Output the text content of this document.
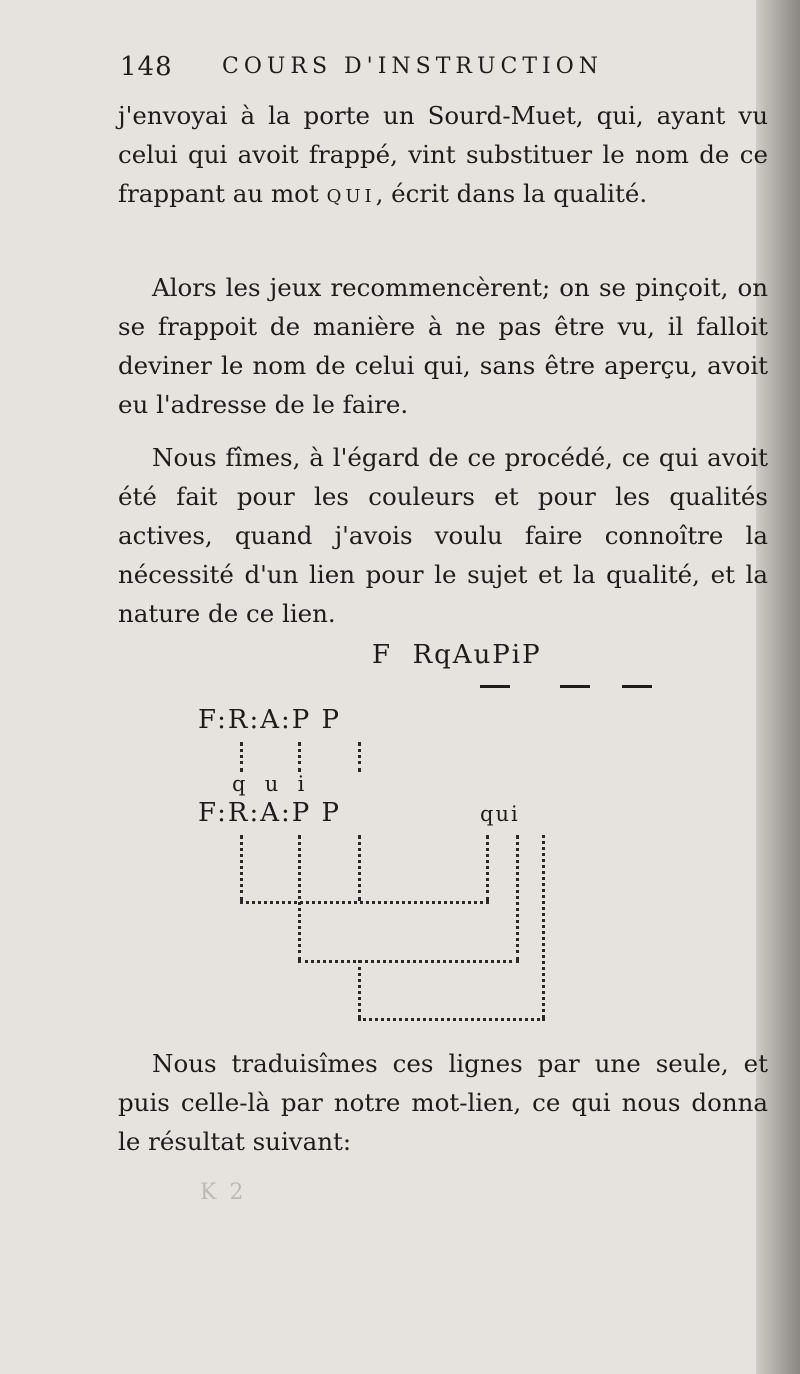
148 COURS D'INSTRUCTION
j'envoyai à la porte un Sourd-Muet, qui, ayant vu celui qui avoit frappé, vint substituer le nom de ce frappant au mot QUI, écrit dans la qualité.
Alors les jeux recommencèrent; on se pinçoit, on se frappoit de manière à ne pas être vu, il falloit deviner le nom de celui qui, sans être aperçu, avoit eu l'adresse de le faire.
Nous fîmes, à l'égard de ce procédé, ce qui avoit été fait pour les couleurs et pour les qualités actives, quand j'avois voulu faire connoître la nécessité d'un lien pour le sujet et la qualité, et la nature de ce lien.
F  RqAuPiP
F:R:A:P P
q  u  i
F:R:A:P P	qui
Nous traduisîmes ces lignes par une seule, et puis celle-là par notre mot-lien, ce qui nous donna le résultat suivant:
K 2
